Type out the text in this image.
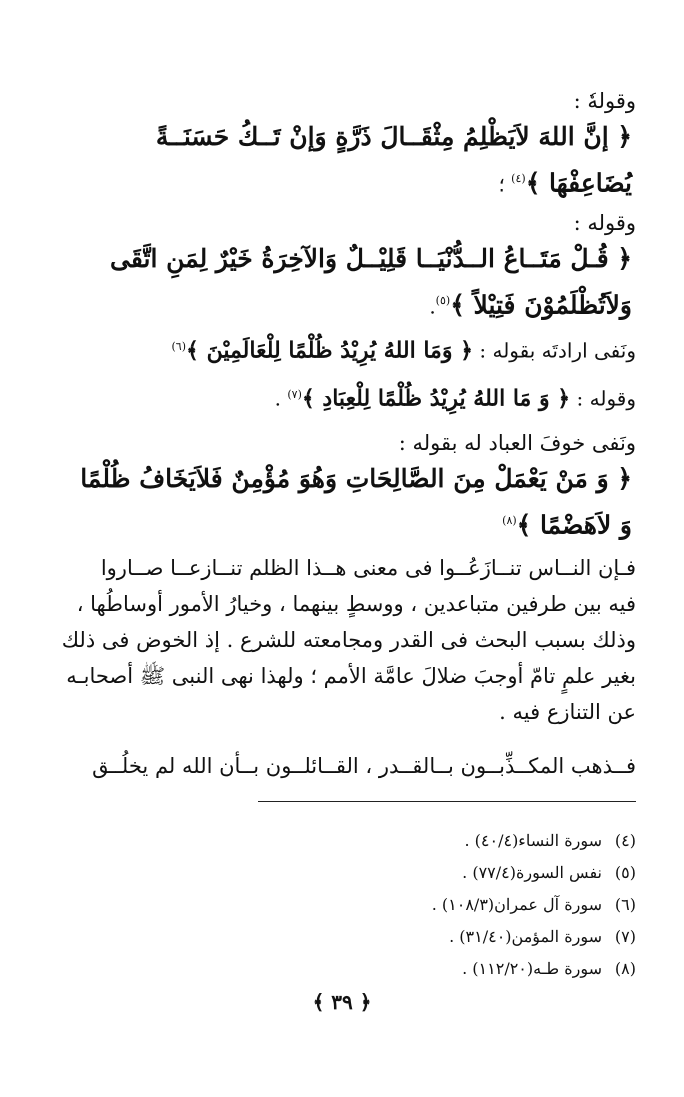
وقولهٗ :
﴿ إنَّ اللهَ لاَيَظْلِمُ مِثْقَــالَ ذَرَّةٍ وَإنْ تَــكُ حَسَنَــةً
يُضَاعِفْهَا ﴾$^{(٤)}$ ؛
وقوله :
﴿ قُـلْ مَتَــاعُ الــدُّنْيَــا قَلِيْــلٌ وَالآخِرَةُ خَيْرٌ لِمَنِ اتَّقَى
وَلاَتُظْلَمُوْنَ فَتِيْلاً ﴾$^{(٥)}$.
ونَفى ارادتَه بقوله : ﴿ وَمَا اللهُ يُرِيْدُ ظُلْمًا لِلْعَالَمِيْنَ ﴾$^{(٦)}$
وقوله : ﴿ وَ مَا اللهُ يُرِيْدُ ظُلْمًا لِلْعِبَادِ ﴾$^{(٧)}$ .
ونَفى خوفَ العباد له بقوله :
﴿ وَ مَنْ يَعْمَلْ مِنَ الصَّالِحَاتِ وَهُوَ مُؤْمِنٌ فَلاَيَخَافُ ظُلْمًا
وَ لاَهَضْمًا ﴾$^{(٨)}$
فـإن النــاس تنــازَعُــوا فى معنى هــذا الظلم تنــازعــا صــاروا
فيه بين طرفين متباعدين ، ووسطٍ بينهما ، وخيارُ الأمور أوساطُها ،
وذلك بسبب البحث فى القدر ومجامعته للشرع . إذ الخوض فى ذلك
بغير علمٍ تامّ أوجبَ ضلالَ عامَّة الأمم ؛ ولهذا نهى النبى ﷺ أصحابـه
عن التنازع فيه .
فــذهب المكــذِّبــون بــالقــدر ، القــائلــون بــأن الله لم يخلُــق
(٤)سورة النساء(٤٠/٤) .
(٥)نفس السورة(٧٧/٤) .
(٦)سورة آل عمران(١٠٨/٣) .
(٧)سورة المؤمن(٣١/٤٠) .
(٨)سورة طـه(١١٢/٢٠) .
﴿ ٣٩ ﴾
